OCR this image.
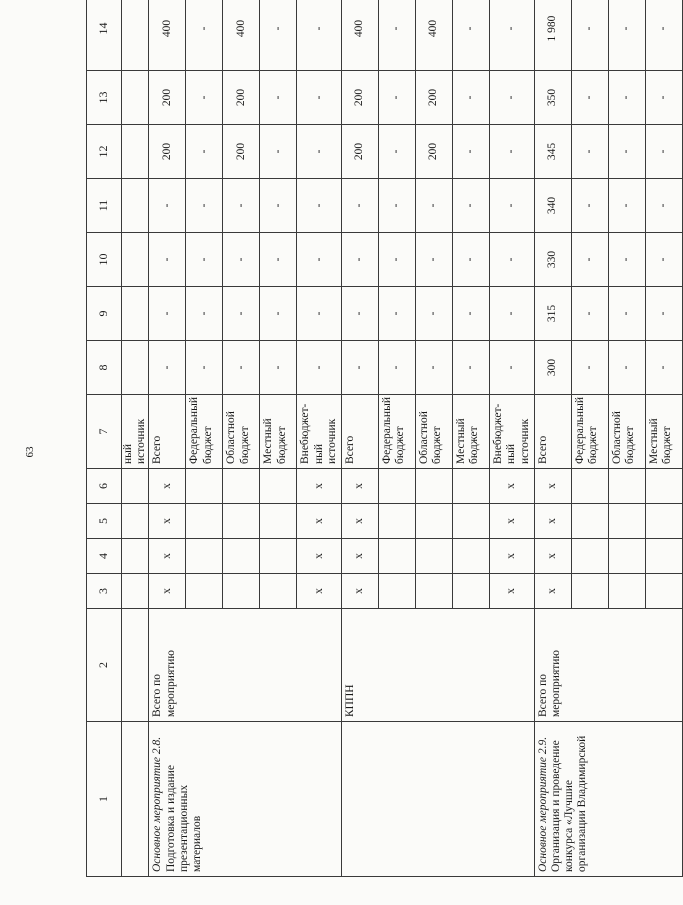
63
1	2	3	4	5	6	7	8	9	10	11	12	13	14
						ный источник							
Основное мероприятие 2.8. Подготовка и издание презентационных материалов	Всего по мероприятию	x	x	x	x	Всего	-	-	-	-	200	200	400
						Федеральный бюджет	-	-	-	-	-	-	-
						Областной бюджет	-	-	-	-	200	200	400
						Местный бюджет	-	-	-	-	-	-	-
		x	x	x	x	Внебюджет-ный источник	-	-	-	-	-	-	-
	КППН	x	x	x	x	Всего	-	-	-	-	200	200	400
						Федеральный бюджет	-	-	-	-	-	-	-
						Областной бюджет	-	-	-	-	200	200	400
						Местный бюджет	-	-	-	-	-	-	-
		x	x	x	x	Внебюджет-ный источник	-	-	-	-	-	-	-
Основное мероприятие 2.9. Организация и проведение конкурса «Лучшие организации Владимирской	Всего по мероприятию	x	x	x	x	Всего	300	315	330	340	345	350	1 980
						Федеральный бюджет	-	-	-	-	-	-	-
						Областной бюджет	-	-	-	-	-	-	-
						Местный бюджет	-	-	-	-	-	-	-
